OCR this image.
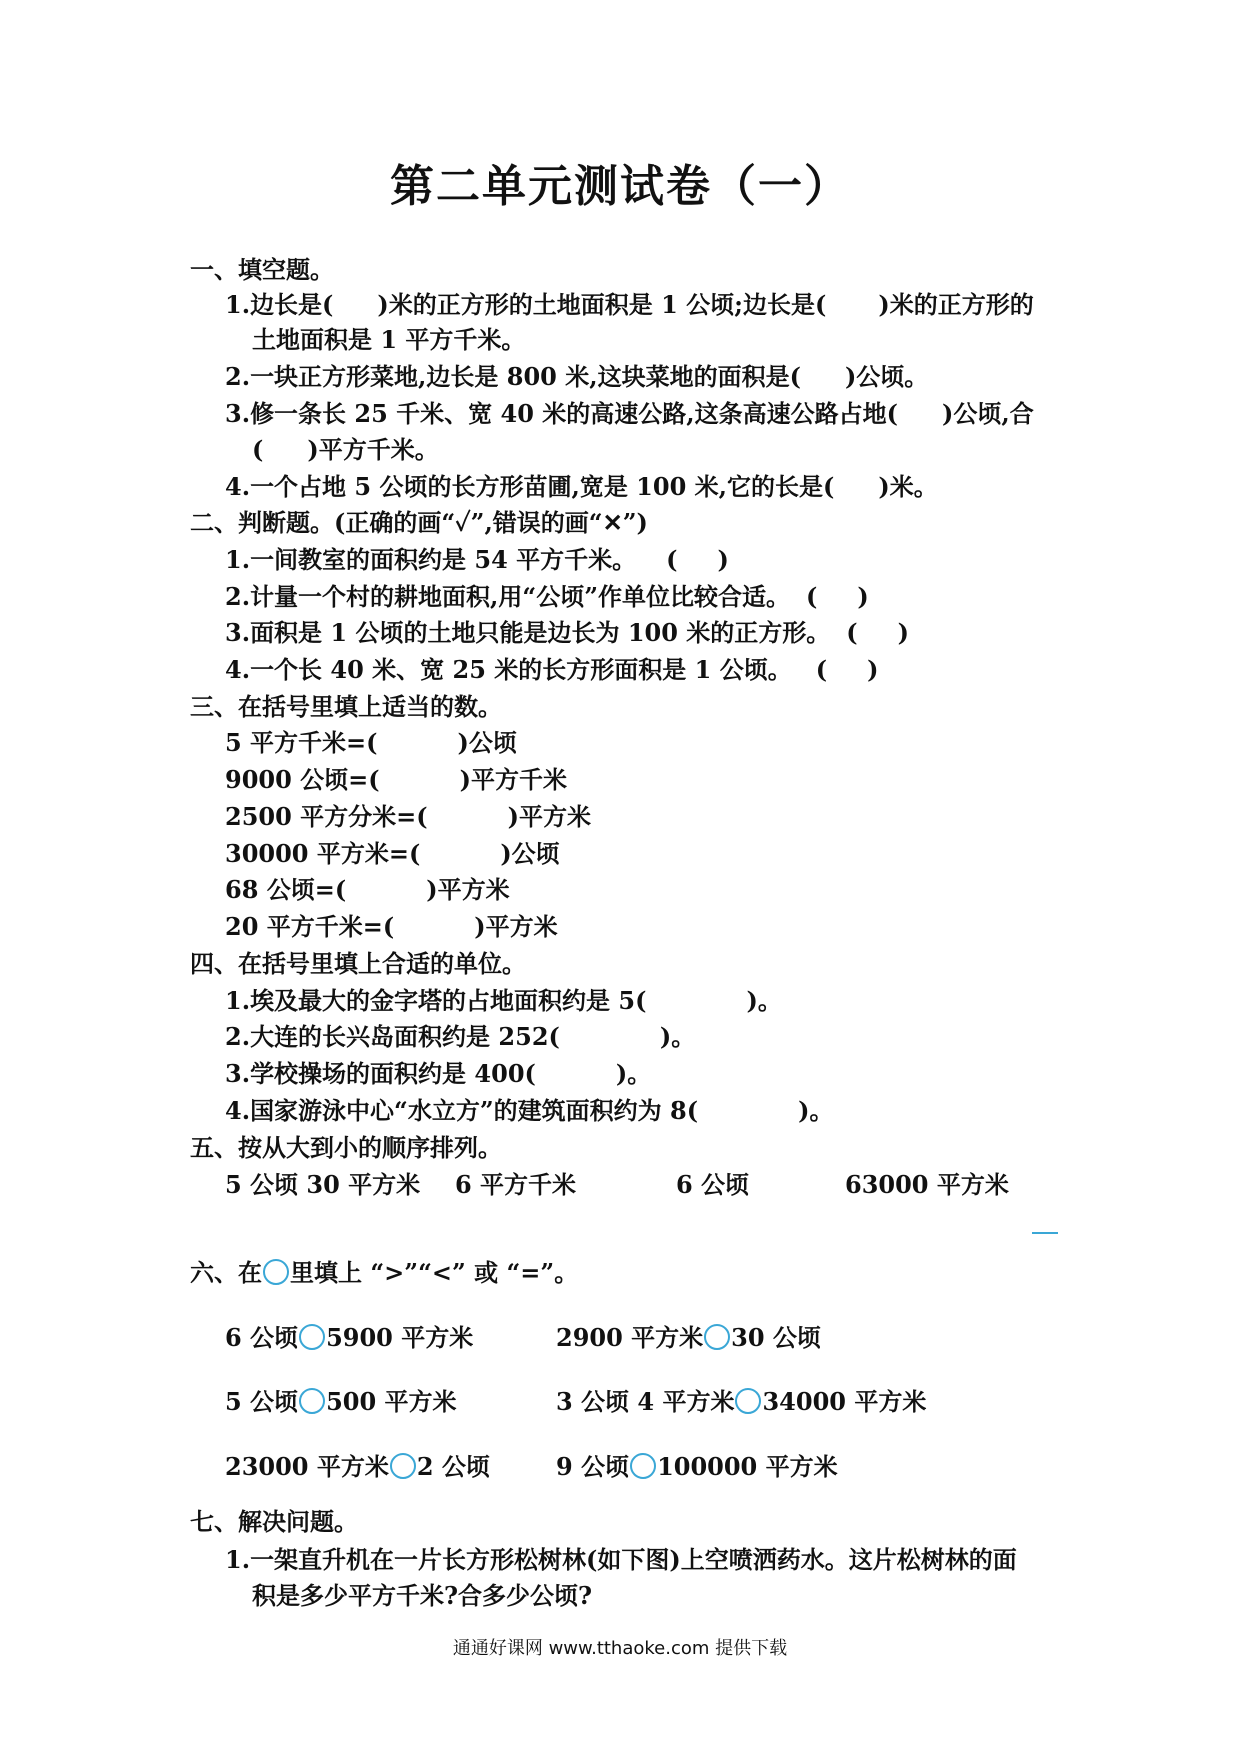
第二单元测试卷（一）
一、填空题。
1.边长是( )米的正方形的土地面积是 1 公顷;边长是( )米的正方形的
土地面积是 1 平方千米。
2.一块正方形菜地,边长是 800 米,这块菜地的面积是( )公顷。
3.修一条长 25 千米、宽 40 米的高速公路,这条高速公路占地( )公顷,合
( )平方千米。
4.一个占地 5 公顷的长方形苗圃,宽是 100 米,它的长是( )米。
二、判断题。(正确的画“✓”,错误的画“✕”)
1.一间教室的面积约是 54 平方千米。 ( )
2.计量一个村的耕地面积,用“公顷”作单位比较合适。 ( )
3.面积是 1 公顷的土地只能是边长为 100 米的正方形。 ( )
4.一个长 40 米、宽 25 米的长方形面积是 1 公顷。 ( )
三、在括号里填上适当的数。
5 平方千米=(	)公顷
9000 公顷=(	)平方千米
2500 平方分米=(	)平方米
30000 平方米=(	)公顷
68 公顷=(	)平方米
20 平方千米=(	)平方米
四、在括号里填上合适的单位。
1.埃及最大的金字塔的占地面积约是 5(	)。
2.大连的长兴岛面积约是 252(	)。
3.学校操场的面积约是 400(	)。
4.国家游泳中心“水立方”的建筑面积约为 8(	)。
五、按从大到小的顺序排列。
5 公顷 30 平方米 6 平方千米	6 公顷	63000 平方米
六、在 里填上 “>”“<” 或 “=”。
6 公顷 5900 平方米	2900 平方米 30 公顷
5 公顷 500 平方米	3 公顷 4 平方米 34000 平方米
23000 平方米 2 公顷	9 公顷 100000 平方米
七、解决问题。
1.一架直升机在一片长方形松树林(如下图)上空喷洒药水。这片松树林的面
积是多少平方千米?合多少公顷?
通通好课网 www.tthaoke.com 提供下载
